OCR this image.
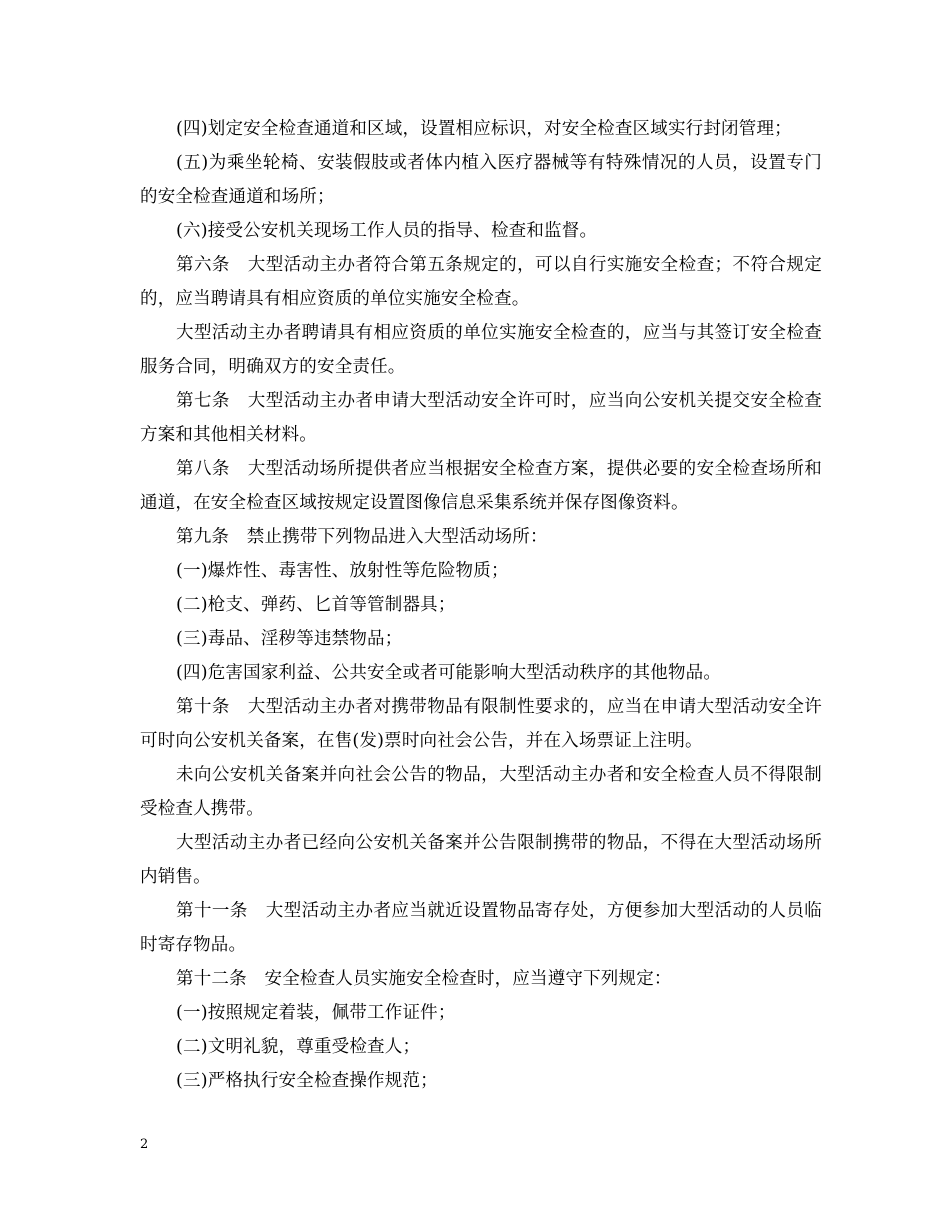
(四)划定安全检查通道和区域，设置相应标识，对安全检查区域实行封闭管理；

(五)为乘坐轮椅、安装假肢或者体内植入医疗器械等有特殊情况的人员，设置专门的安全检查通道和场所；

(六)接受公安机关现场工作人员的指导、检查和监督。

第六条　大型活动主办者符合第五条规定的，可以自行实施安全检查；不符合规定的，应当聘请具有相应资质的单位实施安全检查。

大型活动主办者聘请具有相应资质的单位实施安全检查的，应当与其签订安全检查服务合同，明确双方的安全责任。

第七条　大型活动主办者申请大型活动安全许可时，应当向公安机关提交安全检查方案和其他相关材料。

第八条　大型活动场所提供者应当根据安全检查方案，提供必要的安全检查场所和通道，在安全检查区域按规定设置图像信息采集系统并保存图像资料。

第九条　禁止携带下列物品进入大型活动场所：

(一)爆炸性、毒害性、放射性等危险物质；

(二)枪支、弹药、匕首等管制器具；

(三)毒品、淫秽等违禁物品；

(四)危害国家利益、公共安全或者可能影响大型活动秩序的其他物品。

第十条　大型活动主办者对携带物品有限制性要求的，应当在申请大型活动安全许可时向公安机关备案，在售(发)票时向社会公告，并在入场票证上注明。

未向公安机关备案并向社会公告的物品，大型活动主办者和安全检查人员不得限制受检查人携带。

大型活动主办者已经向公安机关备案并公告限制携带的物品，不得在大型活动场所内销售。

第十一条　大型活动主办者应当就近设置物品寄存处，方便参加大型活动的人员临时寄存物品。

第十二条　安全检查人员实施安全检查时，应当遵守下列规定：

(一)按照规定着装，佩带工作证件；

(二)文明礼貌，尊重受检查人；

(三)严格执行安全检查操作规范；

2
